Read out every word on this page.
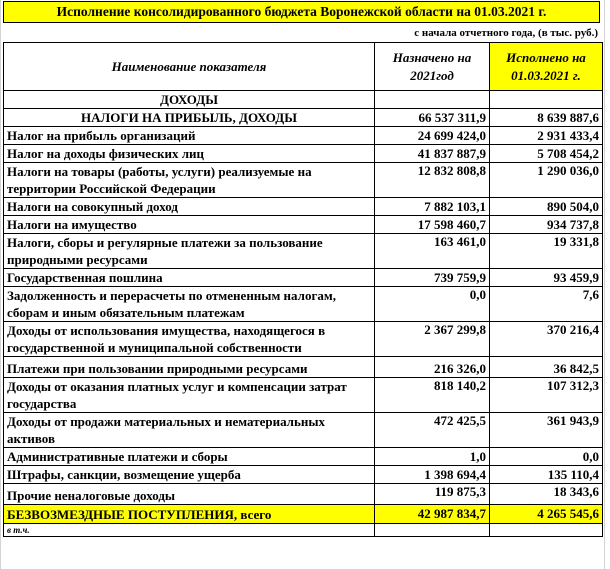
Исполнение консолидированного бюджета Воронежской области на 01.03.2021 г.
с начала отчетного года, (в тыс. руб.)
Наименование показателя	Назначено на 2021год	Исполнено на 01.03.2021 г.
ДОХОДЫ		
НАЛОГИ НА ПРИБЫЛЬ, ДОХОДЫ	66 537 311,9	8 639 887,6
Налог на прибыль организаций	24 699 424,0	2 931 433,4
Налог на доходы физических лиц	41 837 887,9	5 708 454,2
Налоги на товары (работы, услуги) реализуемые на территории Российской Федерации	12 832 808,8	1 290 036,0
Налоги на совокупный доход	7 882 103,1	890 504,0
Налоги на имущество	17 598 460,7	934 737,8
Налоги, сборы и регулярные платежи за пользование природными ресурсами	163 461,0	19 331,8
Государственная пошлина	739 759,9	93 459,9
Задолженность и перерасчеты по отмененным налогам, сборам и иным обязательным платежам	0,0	7,6
Доходы от использования имущества, находящегося в государственной и муниципальной собственности	2 367 299,8	370 216,4
Платежи при пользовании природными ресурсами	216 326,0	36 842,5
Доходы от оказания платных услуг и компенсации затрат государства	818 140,2	107 312,3
Доходы от продажи материальных и нематериальных активов	472 425,5	361 943,9
Административные платежи и сборы	1,0	0,0
Штрафы, санкции, возмещение ущерба	1 398 694,4	135 110,4
Прочие неналоговые доходы	119 875,3	18 343,6
БЕЗВОЗМЕЗДНЫЕ ПОСТУПЛЕНИЯ, всего	42 987 834,7	4 265 545,6
в т.ч.		
